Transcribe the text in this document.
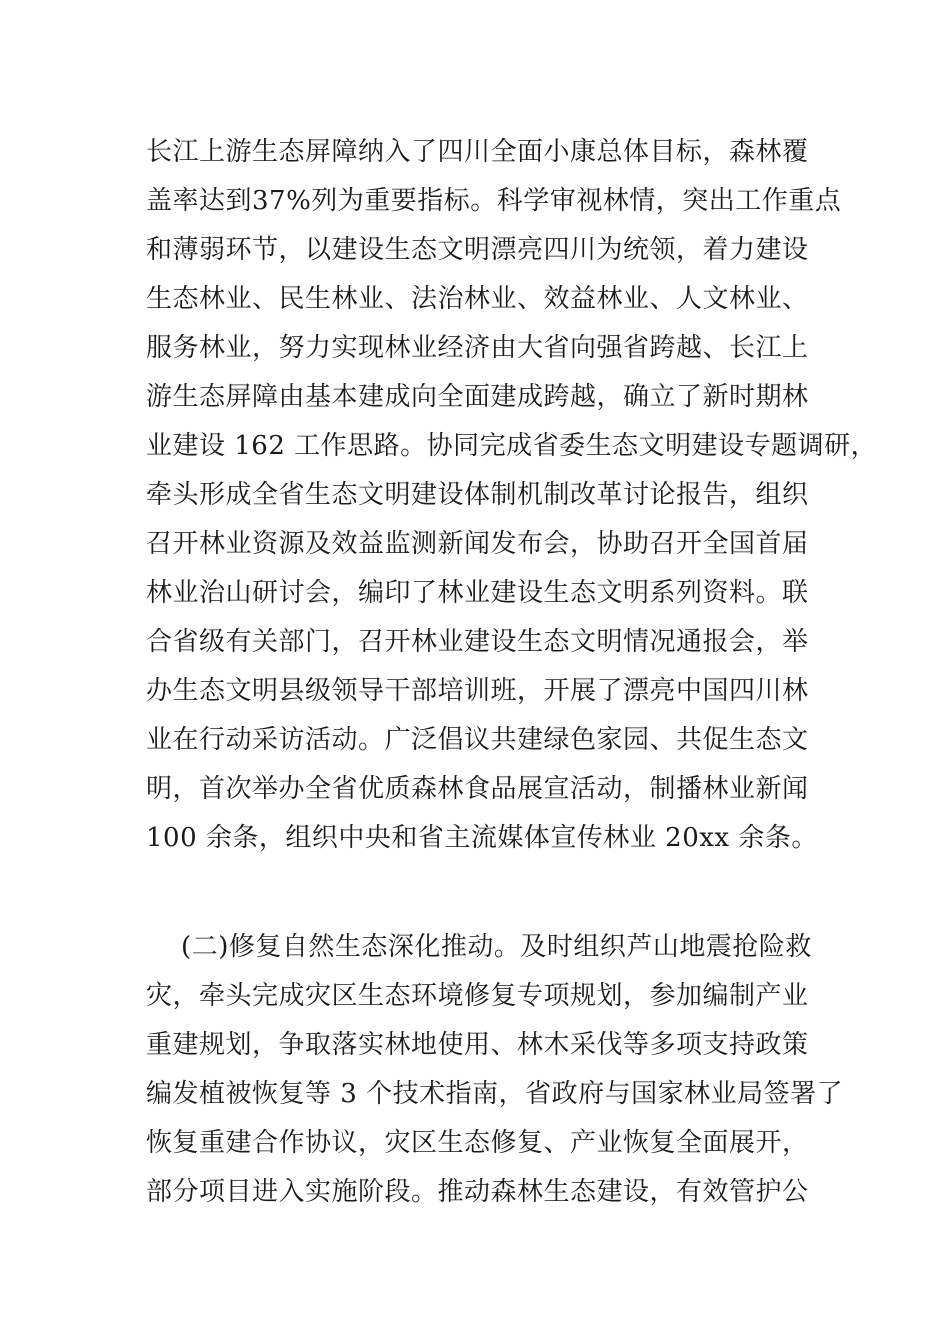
长江上游生态屏障纳入了四川全面小康总体目标，森林覆
盖率达到37%列为重要指标。科学审视林情，突出工作重点
和薄弱环节，以建设生态文明漂亮四川为统领，着力建设
生态林业、民生林业、法治林业、效益林业、人文林业、
服务林业，努力实现林业经济由大省向强省跨越、长江上
游生态屏障由基本建成向全面建成跨越，确立了新时期林
业建设 162 工作思路。协同完成省委生态文明建设专题调研，
牵头形成全省生态文明建设体制机制改革讨论报告，组织
召开林业资源及效益监测新闻发布会，协助召开全国首届
林业治山研讨会，编印了林业建设生态文明系列资料。联
合省级有关部门，召开林业建设生态文明情况通报会，举
办生态文明县级领导干部培训班，开展了漂亮中国四川林
业在行动采访活动。广泛倡议共建绿色家园、共促生态文
明，首次举办全省优质森林食品展宣活动，制播林业新闻
100 余条，组织中央和省主流媒体宣传林业 20xx 余条。
(二)修复自然生态深化推动。及时组织芦山地震抢险救
灾，牵头完成灾区生态环境修复专项规划，参加编制产业
重建规划，争取落实林地使用、林木采伐等多项支持政策
编发植被恢复等 3 个技术指南，省政府与国家林业局签署了
恢复重建合作协议，灾区生态修复、产业恢复全面展开，
部分项目进入实施阶段。推动森林生态建设，有效管护公
